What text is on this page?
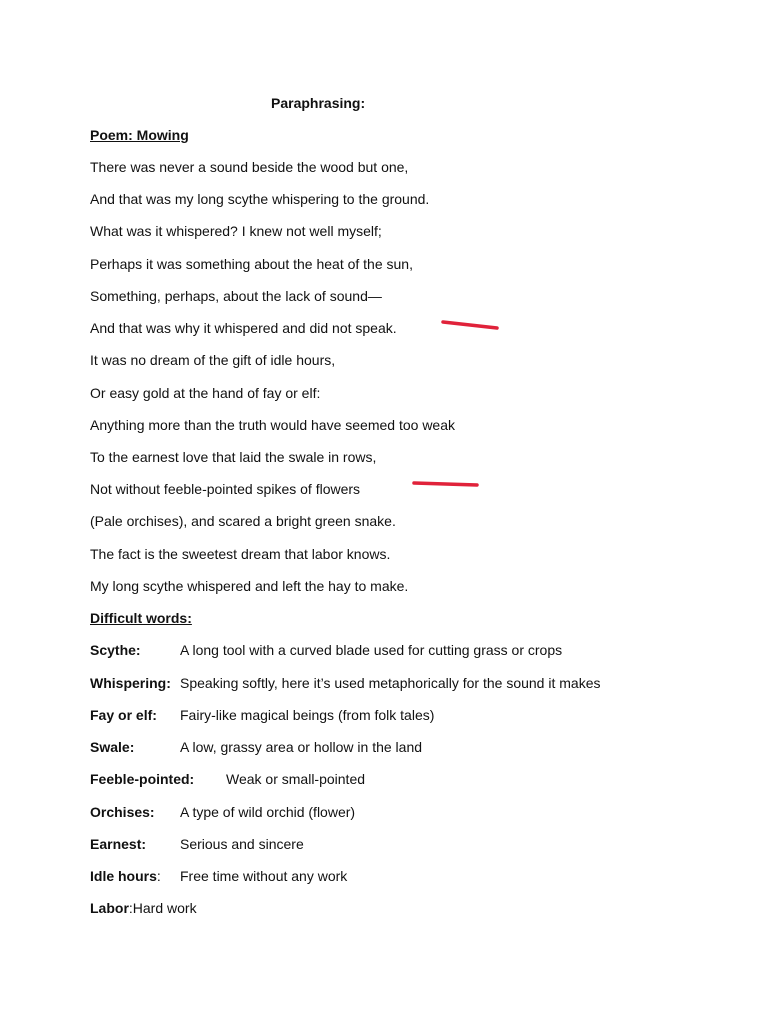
Paraphrasing:
Poem: Mowing
There was never a sound beside the wood but one,
And that was my long scythe whispering to the ground.
What was it whispered? I knew not well myself;
Perhaps it was something about the heat of the sun,
Something, perhaps, about the lack of sound—
And that was why it whispered and did not speak.
It was no dream of the gift of idle hours,
Or easy gold at the hand of fay or elf:
Anything more than the truth would have seemed too weak
To the earnest love that laid the swale in rows,
Not without feeble-pointed spikes of flowers
(Pale orchises), and scared a bright green snake.
The fact is the sweetest dream that labor knows.
My long scythe whispered and left the hay to make.
Difficult words:
Scythe:	A long tool with a curved blade used for cutting grass or crops
Whispering: Speaking softly, here it’s used metaphorically for the sound it makes
Fay or elf: Fairy-like magical beings (from folk tales)
Swale:	A low, grassy area or hollow in the land
Feeble-pointed: Weak or small-pointed
Orchises: A type of wild orchid (flower)
Earnest: Serious and sincere
Idle hours: Free time without any work
Labor:Hard work
